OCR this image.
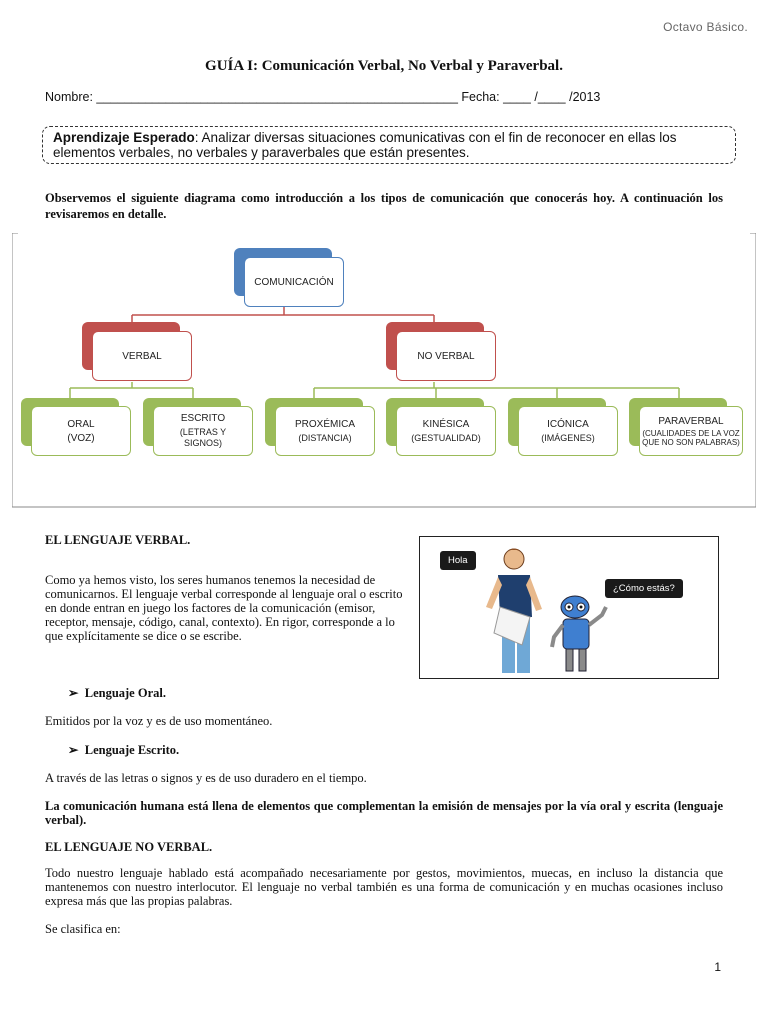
Octavo Básico.
GUÍA I: Comunicación Verbal, No Verbal y Paraverbal.
Nombre: ____________________________________________________ Fecha: ____ /____ /2013
Aprendizaje Esperado: Analizar diversas situaciones comunicativas con el fin de reconocer en ellas los elementos verbales, no verbales y paraverbales que están presentes.
Observemos el siguiente diagrama como introducción a los tipos de comunicación que conocerás hoy. A continuación los revisaremos en detalle.
COMUNICACIÓN
VERBAL	NO VERBAL
ORAL
(VOZ)
ESCRITO
(LETRAS Y SIGNOS)
PROXÉMICA
(DISTANCIA)
KINÉSICA
(GESTUALIDAD)
ICÓNICA
(IMÁGENES)
PARAVERBAL
(CUALIDADES DE LA VOZ QUE NO SON PALABRAS)
EL LENGUAJE VERBAL.
Como ya hemos visto, los seres humanos tenemos la necesidad de comunicarnos. El lenguaje verbal corresponde al lenguaje oral o escrito en donde entran en juego los factores de la comunicación (emisor, receptor, mensaje, código, canal, contexto). En rigor, corresponde a lo que explícitamente se dice o se escribe.
Hola
¿Cómo estás?
➢ Lenguaje Oral.
Emitidos por la voz y es de uso momentáneo.
➢ Lenguaje Escrito.
A través de las letras o signos y es de uso duradero en el tiempo.
La comunicación humana está llena de elementos que complementan la emisión de mensajes por la vía oral y escrita (lenguaje verbal).
EL LENGUAJE NO VERBAL.
Todo nuestro lenguaje hablado está acompañado necesariamente por gestos, movimientos, muecas, en incluso la distancia que mantenemos con nuestro interlocutor. El lenguaje no verbal también es una forma de comunicación y en muchas ocasiones incluso expresa más que las propias palabras.
Se clasifica en:
1
